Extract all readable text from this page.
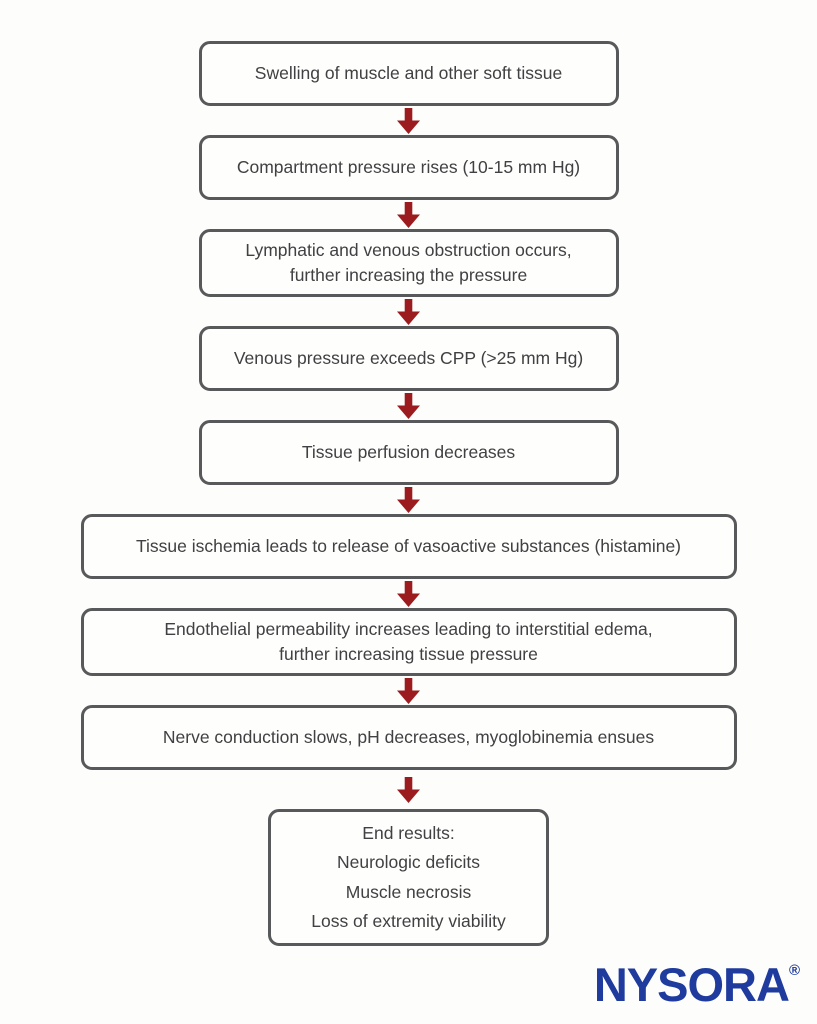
Swelling of muscle and other soft tissue
Compartment pressure rises (10-15 mm Hg)
Lymphatic and venous obstruction occurs,
further increasing the pressure
Venous pressure exceeds CPP (>25 mm Hg)
Tissue perfusion decreases
Tissue ischemia leads to release of vasoactive substances (histamine)
Endothelial permeability increases leading to interstitial edema,
further increasing tissue pressure
Nerve conduction slows, pH decreases, myoglobinemia ensues
End results:
Neurologic deficits
Muscle necrosis
Loss of extremity viability
NYSORA®
